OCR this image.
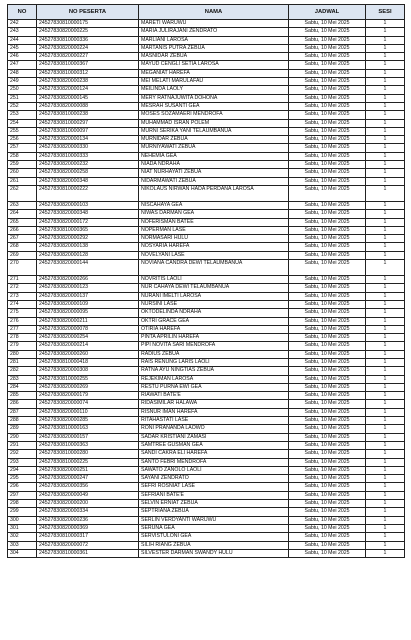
NO	NO PESERTA	NAMA	JADWAL	SESI
242	24527830810000175	MARETI WARUWU	Sabtu, 10 Mei 2025	1
243	24527830820000225	MARIA JULIRAJANI ZENDRATO	Sabtu, 10 Mei 2025	1
244	24527830810000336	MARLIANI LAROSA	Sabtu, 10 Mei 2025	1
245	24527830820000224	MARTANIS PUTRA ZEBUA	Sabtu, 10 Mei 2025	1
246	24527830820000227	MASNIDAR ZEBUA	Sabtu, 10 Mei 2025	1
247	24527830810000367	MAYUD CENGLI SETIA LAROSA	Sabtu, 10 Mei 2025	1
248	24527830810000312	MEGANIAT HAREFA	Sabtu, 10 Mei 2025	1
249	24527830820000238	MEI MELATI MARULAFAU	Sabtu, 10 Mei 2025	1
250	24527830820000124	MEILINDA LAOLY	Sabtu, 10 Mei 2025	1
251	24527830820000145	MERY RATNAJUWITA DOHONA	Sabtu, 10 Mei 2025	1
252	24527830820000088	MESRAH SUSANTI GEA	Sabtu, 10 Mei 2025	1
253	24527830810000238	MOSES SOZAMAERI MENDROFA	Sabtu, 10 Mei 2025	1
254	24527830810000297	MUHAMMAD ISRAN POLEM	Sabtu, 10 Mei 2025	1
255	24527830810000097	MURNI SERIKA YANI TELAUMBANUA	Sabtu, 10 Mei 2025	1
256	24527830820000134	MURNIDAR ZEBUA	Sabtu, 10 Mei 2025	1
257	24527830820000330	MURNIYAWATI ZEBUA	Sabtu, 10 Mei 2025	1
258	24527830810000333	NEHEMIA GEA	Sabtu, 10 Mei 2025	1
259	24527830820000232	NIADA NDRAHA	Sabtu, 10 Mei 2025	1
260	24527830820000258	NIAT NURHAYATI ZEBUA	Sabtu, 10 Mei 2025	1
261	24527830820000348	NIDARMAWATI ZEBUA	Sabtu, 10 Mei 2025	1
262	24527830810000222	NIKOLAUS NIRWAN HADA PERDANA LAROSA	Sabtu, 10 Mei 2025	1
263	24527830820000103	NISCAHAYA GEA	Sabtu, 10 Mei 2025	1
264	24527830820000348	NIWAS DARMAN GEA	Sabtu, 10 Mei 2025	1
265	24527830820000172	NOFERISMAN BATEE	Sabtu, 10 Mei 2025	1
266	24527830810000365	NOPERMAN LASE	Sabtu, 10 Mei 2025	1
267	24527830820000292	NORMASARI HULU	Sabtu, 10 Mei 2025	1
268	24527830820000138	NOSYARIA HAREFA	Sabtu, 10 Mei 2025	1
269	24527830820000128	NOVELYANI LASE	Sabtu, 10 Mei 2025	1
270	24527830820000144	NOVIANA CANDRA DEWI TELAUMBANUA	Sabtu, 10 Mei 2025	1
271	24527830820000266	NOVRITIS LAOLI	Sabtu, 10 Mei 2025	1
272	24527830820000123	NUR CAHAYA DEWI TELAUMBANUA	Sabtu, 10 Mei 2025	1
273	24527830820000137	NURANI IMELTI LAROSA	Sabtu, 10 Mei 2025	1
274	24527830820000109	NURSINI LASE	Sabtu, 10 Mei 2025	1
275	24527830820000095	OKTODELINDA NDRAHA	Sabtu, 10 Mei 2025	1
276	24527830820000211	OKTRI GRACE GEA	Sabtu, 10 Mei 2025	1
277	24527830820000078	OTIRIA HAREFA	Sabtu, 10 Mei 2025	1
278	24527830820000254	PINTA APRILIN HAREFA	Sabtu, 10 Mei 2025	1
279	24527830820000214	PIPI NOVITA SARI MENDROFA	Sabtu, 10 Mei 2025	1
280	24527830820000260	RADIUS ZEBUA	Sabtu, 10 Mei 2025	1
281	24527830810000418	RAIS RENUNG LARIS LAOLI	Sabtu, 10 Mei 2025	1
282	24527830820000308	RATNA AYU NINGTIAS ZEBUA	Sabtu, 10 Mei 2025	1
283	24527830810000255	REJEKIMAN LAROSA	Sabtu, 10 Mei 2025	1
284	24527830820000269	RESTU PURNA EWI GEA	Sabtu, 10 Mei 2025	1
285	24527830820000179	RIAWATI BATE'E	Sabtu, 10 Mei 2025	1
286	24527830820000074	RIDASIMILAR HALAWA	Sabtu, 10 Mei 2025	1
287	24527830820000110	RISNUR IMAN HAREFA	Sabtu, 10 Mei 2025	1
288	24527830820000285	RITAHASTATI LASE	Sabtu, 10 Mei 2025	1
289	24527830810000163	RONI PRANANDA LAOWO	Sabtu, 10 Mei 2025	1
290	24527830820000157	SADAR KRISTIANI ZAMASI	Sabtu, 10 Mei 2025	1
291	24527830810000363	SAMTREE GUSMAN GEA	Sabtu, 10 Mei 2025	1
292	24527830810000280	SANDI CAKRA ELI HAREFA	Sabtu, 10 Mei 2025	1
293	24527830810000225	SANTO FEBRI MENDROFA	Sabtu, 10 Mei 2025	1
294	24527830820000251	SAWATO ZANOLO LAOLI	Sabtu, 10 Mei 2025	1
295	24527830820000247	SAYANI ZENDRATO	Sabtu, 10 Mei 2025	1
296	24527830820000356	SEFRI ROSNIAT LASE	Sabtu, 10 Mei 2025	1
297	24527830820000049	SEFRIANI BATE'E	Sabtu, 10 Mei 2025	1
298	24527830820000200	SELVIN ERNIAT ZEBUA	Sabtu, 10 Mei 2025	1
299	24527830820000334	SEPTRIANA ZEBUA	Sabtu, 10 Mei 2025	1
300	24527830820000236	SERLIN VERDYANTI WARUWU	Sabtu, 10 Mei 2025	1
301	24527830820000369	SERUNA GEA	Sabtu, 10 Mei 2025	1
302	24527830810000317	SERVISTULONI GEA	Sabtu, 10 Mei 2025	1
303	24527830820000072	SILIH RIANG ZEBUA	Sabtu, 10 Mei 2025	1
304	24527830810000361	SILVESTER DARMAN SWANDY HULU	Sabtu, 10 Mei 2025	1
